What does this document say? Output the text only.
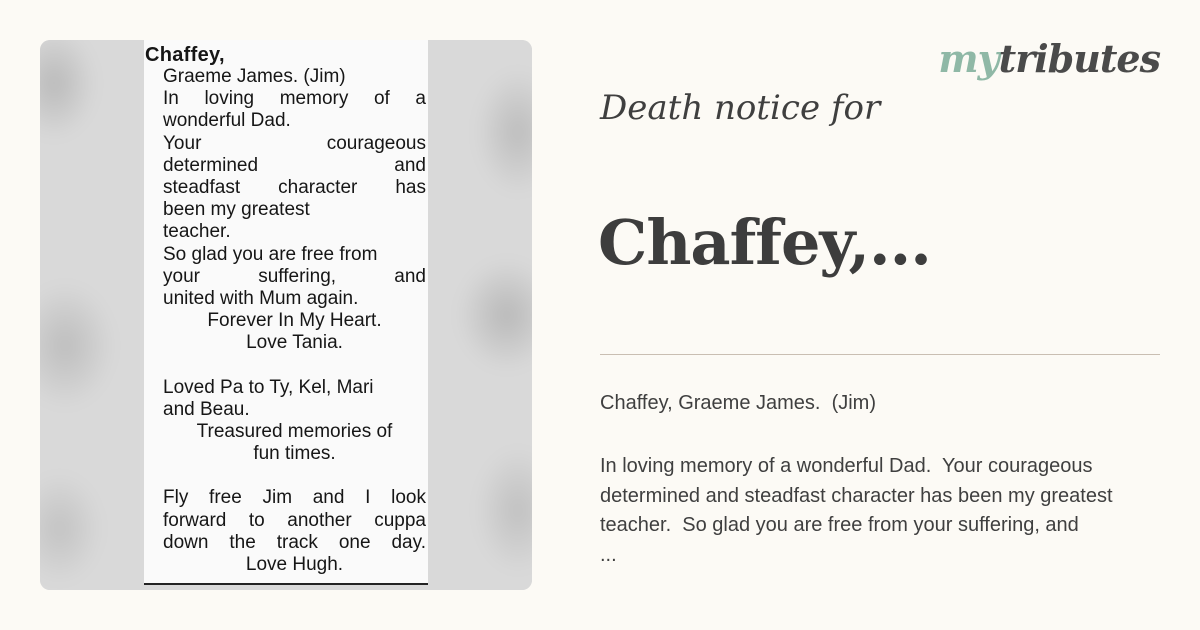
Chaffey,
Graeme James. (Jim)
In loving memory of a
wonderful Dad.
Your courageous
determined and
steadfast character has
been my greatest
teacher.
So glad you are free from
your suffering, and
united with Mum again.
Forever In My Heart.
Love Tania.
Loved Pa to Ty, Kel, Mari
and Beau.
Treasured memories of
fun times.
Fly free Jim and I look
forward to another cuppa
down the track one day.
Love Hugh.
mytributes
Death notice for
Chaffey,...
Chaffey, Graeme James.  (Jim)
In loving memory of a wonderful Dad.  Your courageous
determined and steadfast character has been my greatest
teacher.  So glad you are free from your suffering, and
...
